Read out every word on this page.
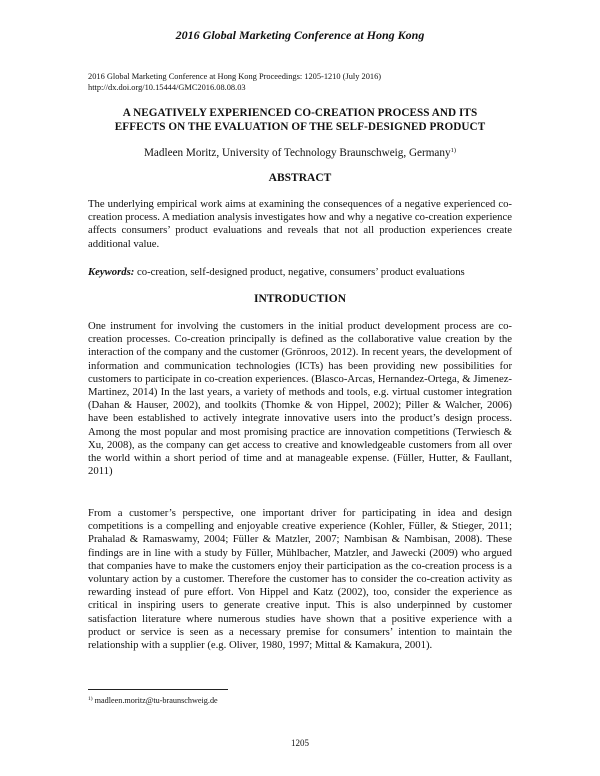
2016 Global Marketing Conference at Hong Kong
2016 Global Marketing Conference at Hong Kong Proceedings: 1205-1210 (July 2016)
http://dx.doi.org/10.15444/GMC2016.08.08.03
A NEGATIVELY EXPERIENCED CO-CREATION PROCESS AND ITS
EFFECTS ON THE EVALUATION OF THE SELF-DESIGNED PRODUCT
Madleen Moritz, University of Technology Braunschweig, Germany$^{1)}$
ABSTRACT

The underlying empirical work aims at examining the consequences of a negative experienced co-creation process. A mediation analysis investigates how and why a negative co-creation experience affects consumers’ product evaluations and reveals that not all production experiences create additional value.

Keywords: co-creation, self-designed product, negative, consumers’ product evaluations

INTRODUCTION

One instrument for involving the customers in the initial product development process are co-creation processes. Co-creation principally is defined as the collaborative value creation by the interaction of the company and the customer (Grönroos, 2012). In recent years, the development of information and communication technologies (ICTs) has been providing new possibilities for customers to participate in co-creation experiences. (Blasco-Arcas, Hernandez-Ortega, & Jimenez-Martinez, 2014) In the last years, a variety of methods and tools, e.g. virtual customer integration (Dahan & Hauser, 2002), and toolkits (Thomke & von Hippel, 2002); Piller & Walcher, 2006) have been established to actively integrate innovative users into the product’s design process. Among the most popular and most promising practice are innovation competitions (Terwiesch & Xu, 2008), as the company can get access to creative and knowledgeable customers from all over the world within a short period of time and at manageable expense. (Füller, Hutter, & Faullant, 2011)

From a customer’s perspective, one important driver for participating in idea and design competitions is a compelling and enjoyable creative experience (Kohler, Füller, & Stieger, 2011; Prahalad & Ramaswamy, 2004; Füller & Matzler, 2007; Nambisan & Nambisan, 2008). These findings are in line with a study by Füller, Mühlbacher, Matzler, and Jawecki (2009) who argued that companies have to make the customers enjoy their participation as the co-creation process is a voluntary action by a customer. Therefore the customer has to consider the co-creation activity as rewarding instead of pure effort. Von Hippel and Katz (2002), too, consider the experience as critical in inspiring users to generate creative input. This is also underpinned by customer satisfaction literature where numerous studies have shown that a positive experience with a product or service is seen as a necessary premise for consumers’ intention to maintain the relationship with a supplier (e.g. Oliver, 1980, 1997; Mittal & Kamakura, 2001).

$^{1)}$ madleen.moritz@tu-braunschweig.de
1205
